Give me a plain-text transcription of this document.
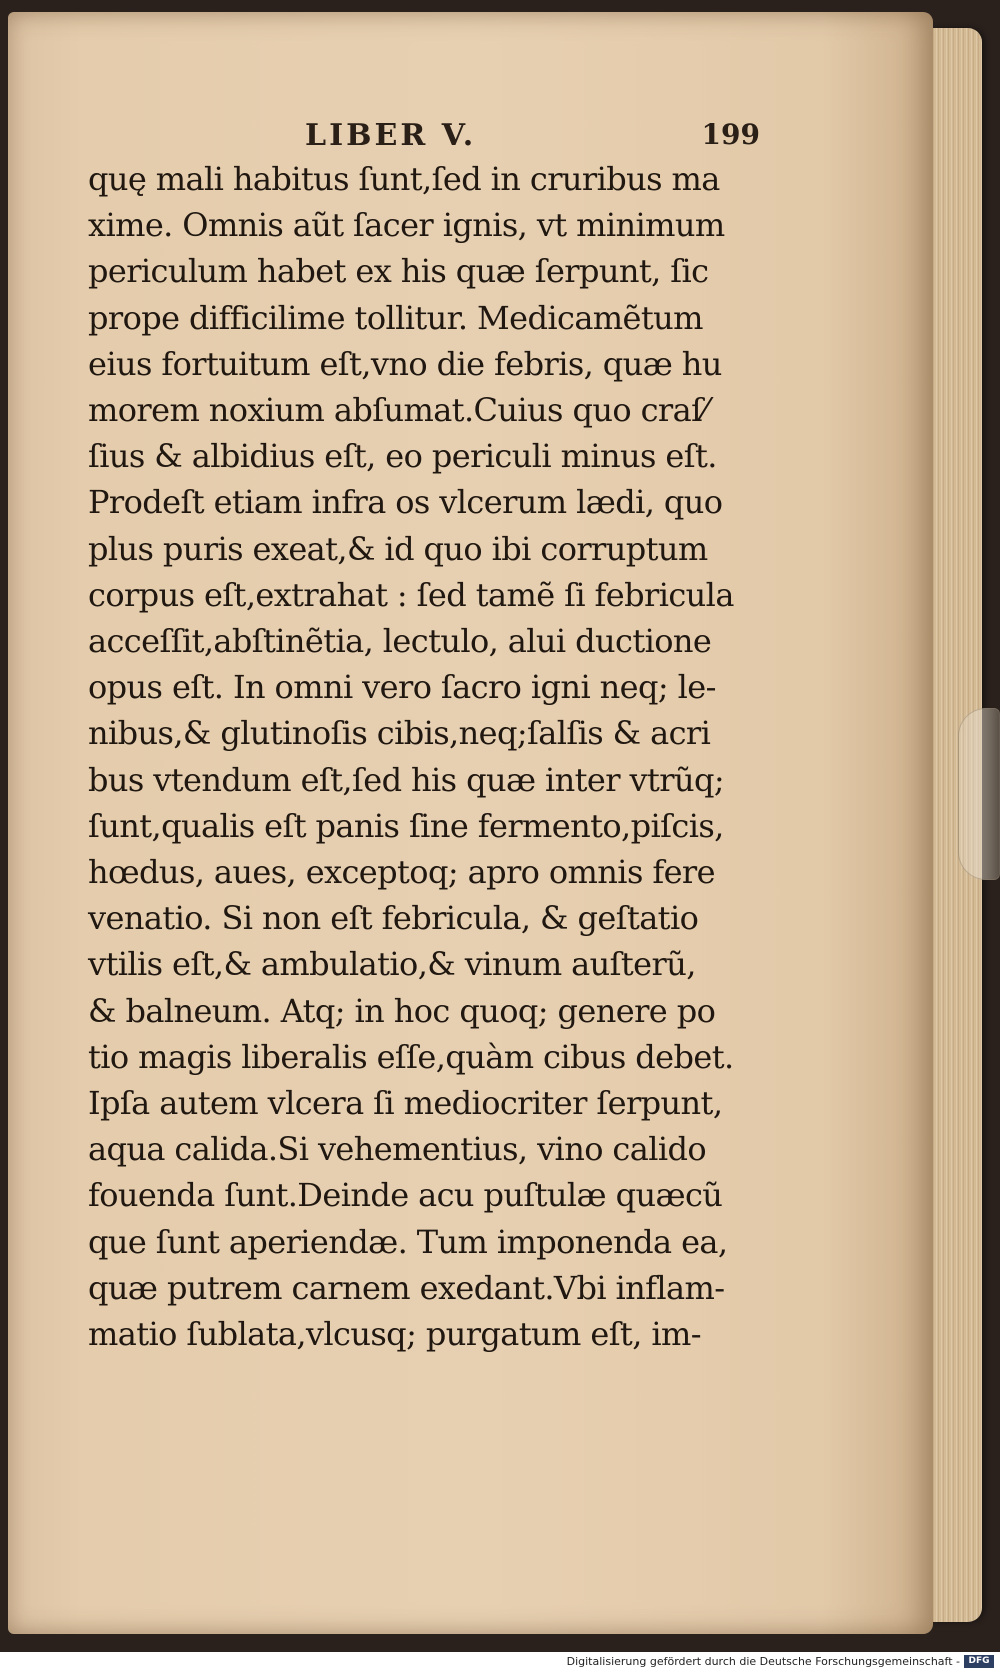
LIBER V.	199
quę mali habitus ſunt,ſed in cruribus ma
xime. Omnis aũt ſacer ignis, vt minimum
periculum habet ex his quæ ſerpunt, ſic
prope difficilime tollitur. Medicamẽtum
eius fortuitum eſt,vno die febris, quæ hu
morem noxium abſumat.Cuius quo craſ⁄
ſius & albidius eſt, eo periculi minus eſt.
Prodeſt etiam infra os vlcerum lædi, quo
plus puris exeat,& id quo ibi corruptum
corpus eſt,extrahat : ſed tamẽ ſi febricula
acceſſit,abſtinẽtia, lectulo, alui ductione
opus eſt. In omni vero ſacro igni neq; le-
nibus,& glutinoſis cibis,neq;ſalſis & acri
bus vtendum eſt,ſed his quæ inter vtrũq;
ſunt,qualis eſt panis ſine fermento,piſcis,
hœdus, aues, exceptoq; apro omnis fere
venatio. Si non eſt febricula, & geſtatio
vtilis eſt,& ambulatio,& vinum auſterũ,
& balneum. Atq; in hoc quoq; genere po
tio magis liberalis eſſe,quàm cibus debet.
Ipſa autem vlcera ſi mediocriter ſerpunt,
aqua calida.Si vehementius, vino calido
fouenda ſunt.Deinde acu puſtulæ quæcũ
que ſunt aperiendæ. Tum imponenda ea,
quæ putrem carnem exedant.Vbi inflam-
matio ſublata,vlcusq; purgatum eſt, im-
Digitalisierung gefördert durch die Deutsche Forschungsgemeinschaft - DFG
